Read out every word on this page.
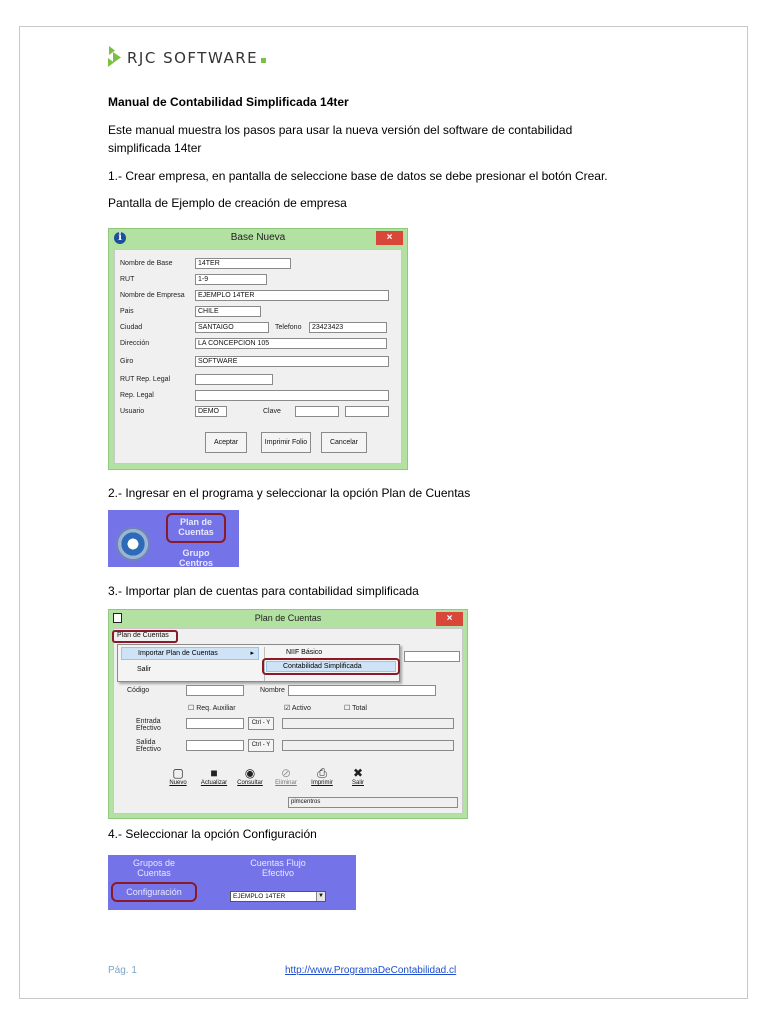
RJC SOFTWARE
Manual de Contabilidad Simplificada 14ter
Este manual muestra los pasos para usar la nueva versión del software de contabilidad
simplificada 14ter
1.- Crear empresa, en pantalla de seleccione base de datos se debe presionar el botón Crear.
Pantalla de Ejemplo de creación de empresa
i	Base Nueva	×
Nombre de Base	14TER
RUT	1-9
Nombre de Empresa	EJEMPLO 14TER
Pais	CHILE
Ciudad	SANTAIGO	Telefono	23423423
Dirección	LA CONCEPCION 105
Giro	SOFTWARE
RUT Rep. Legal
Rep. Legal
Usuario	DEMO	Clave
Aceptar	Imprimir Folio	Cancelar
2.- Ingresar en el programa y seleccionar la opción Plan de Cuentas
Plan de
Cuentas
Grupo
Centros
3.- Importar plan de cuentas para contabilidad simplificada
Plan de Cuentas	×
Plan de Cuentas
Importar Plan de Cuentas	▸
Salir
NIIF Básico
Contabilidad Simplificada
Código	Nombre
☐ Req. Auxiliar	☑ Activo	☐ Total
Entrada
Efectivo
Ctrl - Y
Salida
Efectivo
Ctrl - Y
▢
Nuevo
■
Actualizar
◉
Consultar
⊘
Eliminar
⎙
Imprimir
✖
Salir
plmcentros
4.- Seleccionar la opción Configuración
Grupos de
Cuentas
Cuentas Flujo
Efectivo
Configuración	EJEMPLO 14TER	▼
Pág. 1	http://www.ProgramaDeContabilidad.cl
